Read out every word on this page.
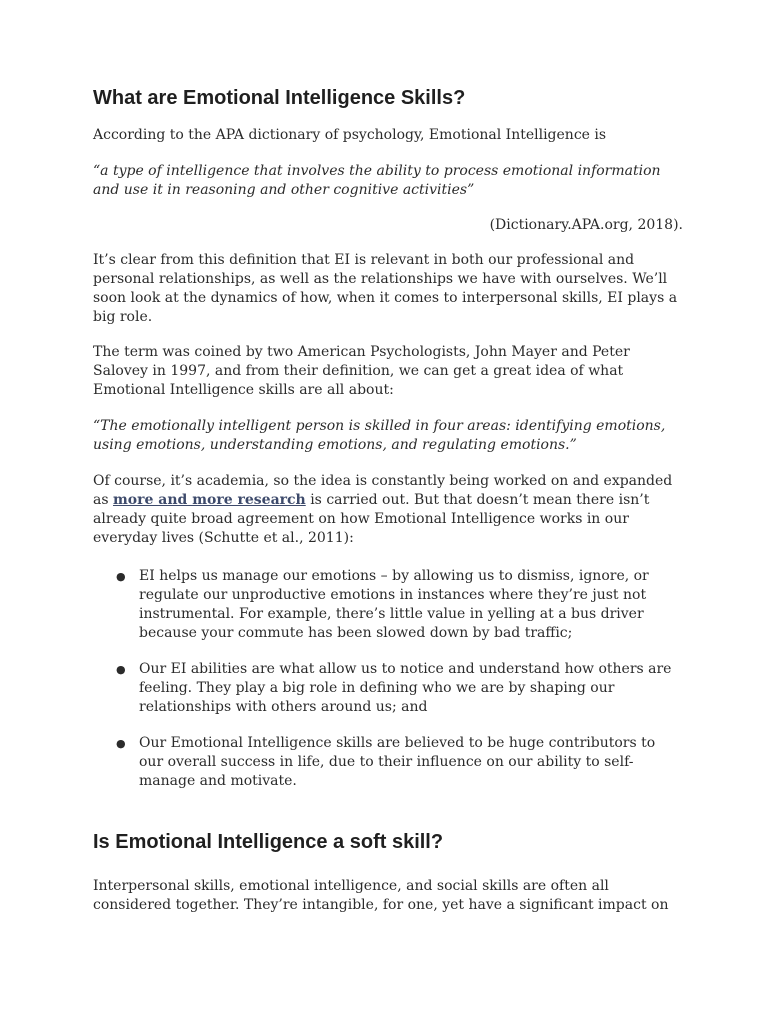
What are Emotional Intelligence Skills?

According to the APA dictionary of psychology, Emotional Intelligence is

“a type of intelligence that involves the ability to process emotional information and use it in reasoning and other cognitive activities”

(Dictionary.APA.org, 2018).

It’s clear from this definition that EI is relevant in both our professional and personal relationships, as well as the relationships we have with ourselves. We’ll soon look at the dynamics of how, when it comes to interpersonal skills, EI plays a big role.

The term was coined by two American Psychologists, John Mayer and Peter Salovey in 1997, and from their definition, we can get a great idea of what Emotional Intelligence skills are all about:

“The emotionally intelligent person is skilled in four areas: identifying emotions, using emotions, understanding emotions, and regulating emotions.”

Of course, it’s academia, so the idea is constantly being worked on and expanded as more and more research is carried out. But that doesn’t mean there isn’t already quite broad agreement on how Emotional Intelligence works in our everyday lives (Schutte et al., 2011):

● EI helps us manage our emotions – by allowing us to dismiss, ignore, or regulate our unproductive emotions in instances where they’re just not instrumental. For example, there’s little value in yelling at a bus driver because your commute has been slowed down by bad traffic;
● Our EI abilities are what allow us to notice and understand how others are feeling. They play a big role in defining who we are by shaping our relationships with others around us; and
● Our Emotional Intelligence skills are believed to be huge contributors to our overall success in life, due to their influence on our ability to self-manage and motivate.
Is Emotional Intelligence a soft skill?

Interpersonal skills, emotional intelligence, and social skills are often all considered together. They’re intangible, for one, yet have a significant impact on
